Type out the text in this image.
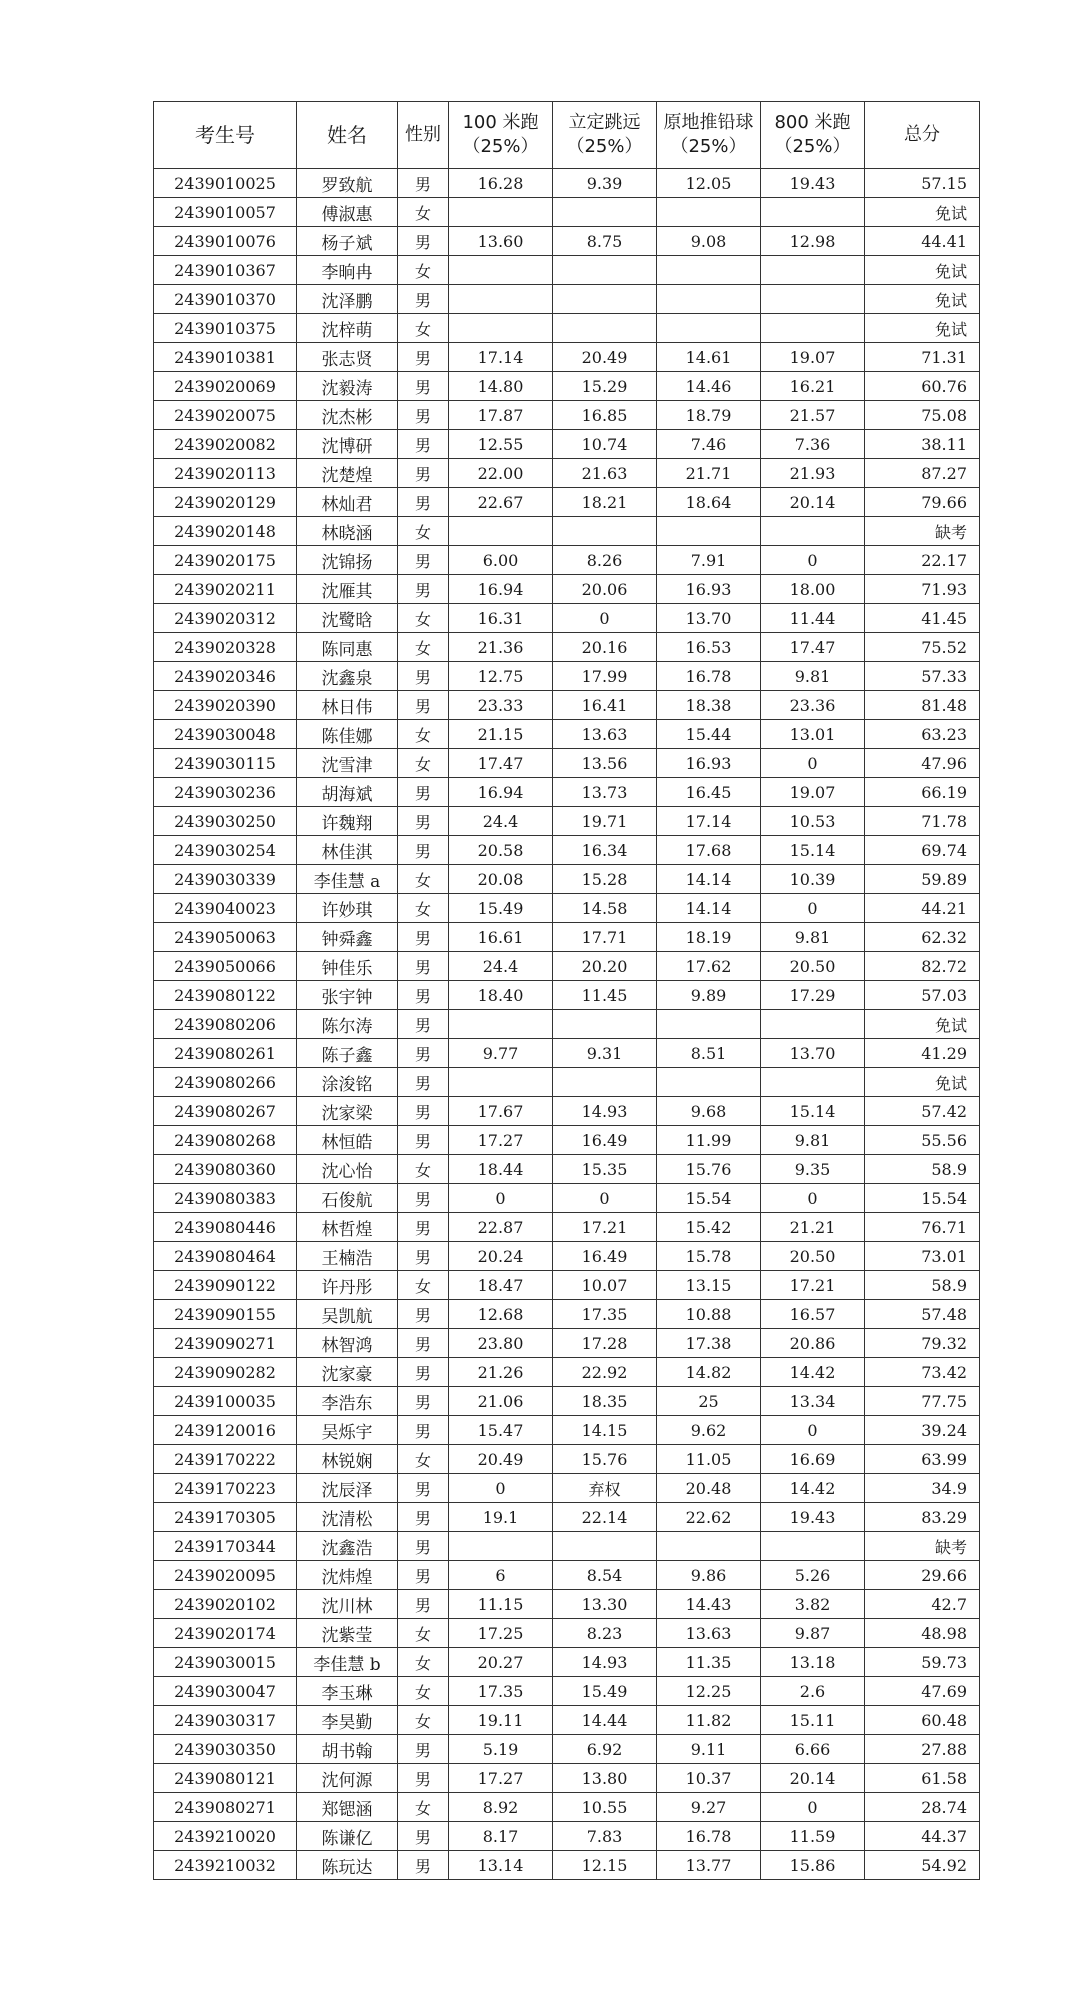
考生号	姓名	性别	100 米跑（25%）	立定跳远（25%）	原地推铅球（25%）	800 米跑（25%）	总分
2439010025	罗致航	男	16.28	9.39	12.05	19.43	57.15
2439010057	傅淑惠	女					免试
2439010076	杨子斌	男	13.60	8.75	9.08	12.98	44.41
2439010367	李晌冉	女					免试
2439010370	沈泽鹏	男					免试
2439010375	沈梓萌	女					免试
2439010381	张志贤	男	17.14	20.49	14.61	19.07	71.31
2439020069	沈毅涛	男	14.80	15.29	14.46	16.21	60.76
2439020075	沈杰彬	男	17.87	16.85	18.79	21.57	75.08
2439020082	沈博研	男	12.55	10.74	7.46	7.36	38.11
2439020113	沈楚煌	男	22.00	21.63	21.71	21.93	87.27
2439020129	林灿君	男	22.67	18.21	18.64	20.14	79.66
2439020148	林晓涵	女					缺考
2439020175	沈锦扬	男	6.00	8.26	7.91	0	22.17
2439020211	沈雁其	男	16.94	20.06	16.93	18.00	71.93
2439020312	沈鹭晗	女	16.31	0	13.70	11.44	41.45
2439020328	陈同惠	女	21.36	20.16	16.53	17.47	75.52
2439020346	沈鑫泉	男	12.75	17.99	16.78	9.81	57.33
2439020390	林日伟	男	23.33	16.41	18.38	23.36	81.48
2439030048	陈佳娜	女	21.15	13.63	15.44	13.01	63.23
2439030115	沈雪津	女	17.47	13.56	16.93	0	47.96
2439030236	胡海斌	男	16.94	13.73	16.45	19.07	66.19
2439030250	许魏翔	男	24.4	19.71	17.14	10.53	71.78
2439030254	林佳淇	男	20.58	16.34	17.68	15.14	69.74
2439030339	李佳慧 a	女	20.08	15.28	14.14	10.39	59.89
2439040023	许妙琪	女	15.49	14.58	14.14	0	44.21
2439050063	钟舜鑫	男	16.61	17.71	18.19	9.81	62.32
2439050066	钟佳乐	男	24.4	20.20	17.62	20.50	82.72
2439080122	张宇钟	男	18.40	11.45	9.89	17.29	57.03
2439080206	陈尔涛	男					免试
2439080261	陈子鑫	男	9.77	9.31	8.51	13.70	41.29
2439080266	涂浚铭	男					免试
2439080267	沈家梁	男	17.67	14.93	9.68	15.14	57.42
2439080268	林恒皓	男	17.27	16.49	11.99	9.81	55.56
2439080360	沈心怡	女	18.44	15.35	15.76	9.35	58.9
2439080383	石俊航	男	0	0	15.54	0	15.54
2439080446	林哲煌	男	22.87	17.21	15.42	21.21	76.71
2439080464	王楠浩	男	20.24	16.49	15.78	20.50	73.01
2439090122	许丹彤	女	18.47	10.07	13.15	17.21	58.9
2439090155	吴凯航	男	12.68	17.35	10.88	16.57	57.48
2439090271	林智鸿	男	23.80	17.28	17.38	20.86	79.32
2439090282	沈家豪	男	21.26	22.92	14.82	14.42	73.42
2439100035	李浩东	男	21.06	18.35	25	13.34	77.75
2439120016	吴烁宇	男	15.47	14.15	9.62	0	39.24
2439170222	林锐娴	女	20.49	15.76	11.05	16.69	63.99
2439170223	沈辰泽	男	0	弃权	20.48	14.42	34.9
2439170305	沈清松	男	19.1	22.14	22.62	19.43	83.29
2439170344	沈鑫浩	男					缺考
2439020095	沈炜煌	男	6	8.54	9.86	5.26	29.66
2439020102	沈川林	男	11.15	13.30	14.43	3.82	42.7
2439020174	沈紫莹	女	17.25	8.23	13.63	9.87	48.98
2439030015	李佳慧 b	女	20.27	14.93	11.35	13.18	59.73
2439030047	李玉琳	女	17.35	15.49	12.25	2.6	47.69
2439030317	李昊勤	女	19.11	14.44	11.82	15.11	60.48
2439030350	胡书翰	男	5.19	6.92	9.11	6.66	27.88
2439080121	沈何源	男	17.27	13.80	10.37	20.14	61.58
2439080271	郑锶涵	女	8.92	10.55	9.27	0	28.74
2439210020	陈谦亿	男	8.17	7.83	16.78	11.59	44.37
2439210032	陈玩达	男	13.14	12.15	13.77	15.86	54.92
